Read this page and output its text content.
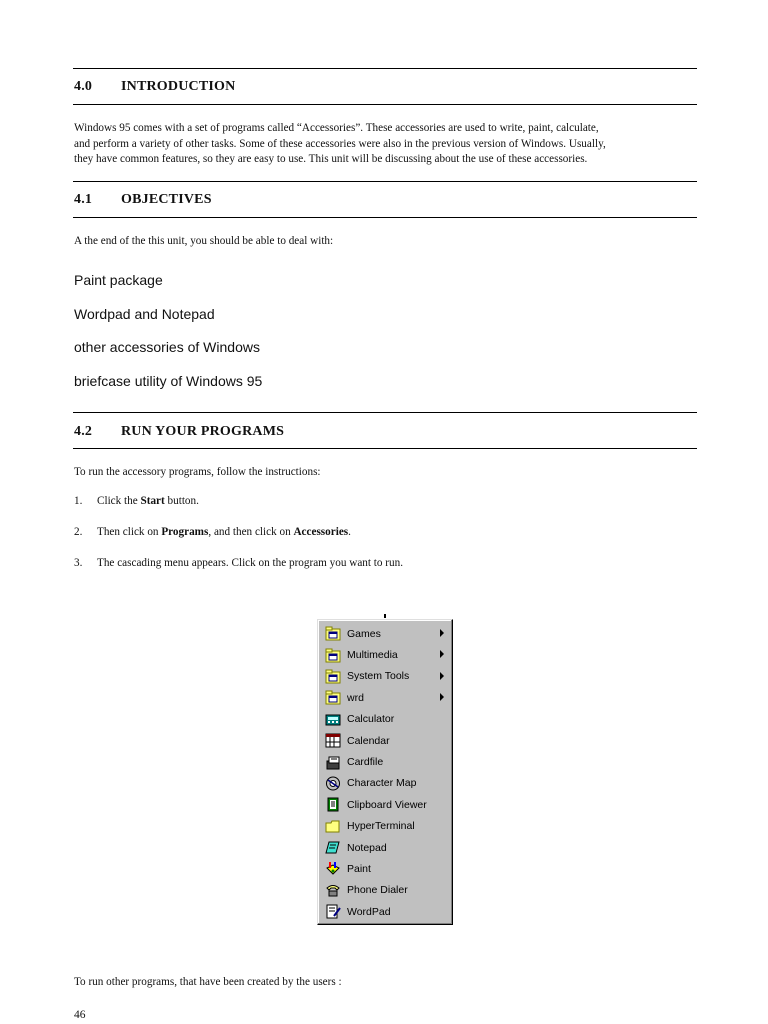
4.0 INTRODUCTION
Windows 95 comes with a set of programs called “Accessories”. These accessories are used to write, paint, calculate,
and perform a variety of other tasks. Some of these accessories were also in the previous version of Windows. Usually,
they have common features, so they are easy to use. This unit will be discussing about the use of these accessories.
4.1 OBJECTIVES
A the end of the this unit, you should be able to deal with:
Paint package
Wordpad and Notepad
other accessories of Windows
briefcase utility of Windows 95
4.2 RUN YOUR PROGRAMS
To run the accessory programs, follow the instructions:
1. Click the Start button.
2. Then click on Programs, and then click on Accessories.
3. The cascading menu appears. Click on the program you want to run.
Games
Multimedia
System Tools
wrd
Calculator
Calendar
Cardfile
Character Map
Clipboard Viewer
HyperTerminal
Notepad
Paint
Phone Dialer
WordPad
To run other programs, that have been created by the users :
46
